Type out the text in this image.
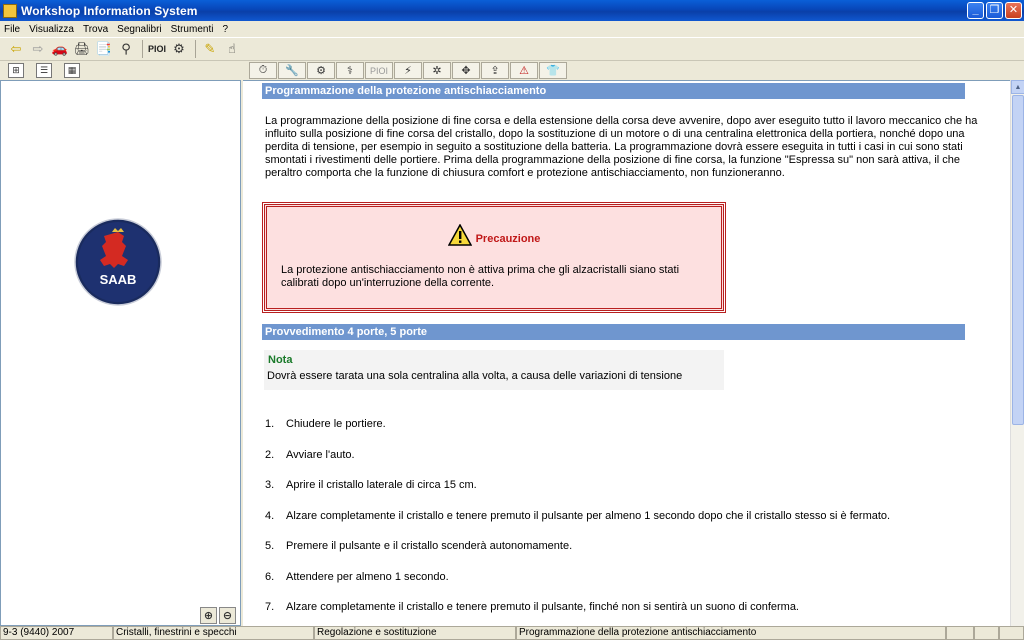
Workshop Information System	_	❐ ✕
File Visualizza Trova Segnalibri Strumenti ?
⇦ ⇨ 🚗 🖨 📑 ⚲	PIOI ⚙	✎ ☝
⊞	☰	▦
SAAB
⊕ ⊖
⏱	🔧	⚙	⚕	PIOI	⚡	✲	✥	⇪	⚠	👕
Programmazione della protezione antischiacciamento
La programmazione della posizione di fine corsa e della estensione della corsa deve avvenire, dopo aver eseguito tutto il lavoro meccanico che ha influito sulla posizione di fine corsa del cristallo, dopo la sostituzione di un motore o di una centralina elettronica della portiera, nonché dopo una perdita di tensione, per esempio in seguito a sostituzione della batteria. La programmazione dovrà essere eseguita in tutti i casi in cui sono stati smontati i rivestimenti delle portiere. Prima della programmazione della posizione di fine corsa, la funzione "Espressa su" non sarà attiva, il che peraltro comporta che la funzione di chiusura comfort e protezione antischiacciamento, non funzioneranno.
Precauzione
La protezione antischiacciamento non è attiva prima che gli alzacristalli siano stati calibrati dopo un'interruzione della corrente.
Provvedimento 4 porte, 5 porte
Nota
Dovrà essere tarata una sola centralina alla volta, a causa delle variazioni di tensione
1.	Chiudere le portiere.
2.	Avviare l'auto.
3.	Aprire il cristallo laterale di circa 15 cm.
4.	Alzare completamente il cristallo e tenere premuto il pulsante per almeno 1 secondo dopo che il cristallo stesso si è fermato.
5.	Premere il pulsante e il cristallo scenderà autonomamente.
6.	Attendere per almeno 1 secondo.
7.	Alzare completamente il cristallo e tenere premuto il pulsante, finché non si sentirà un suono di conferma.
▲
9-3 (9440) 2007	Cristalli, finestrini e specchi	Regolazione e sostituzione	Programmazione della protezione antischiacciamento
